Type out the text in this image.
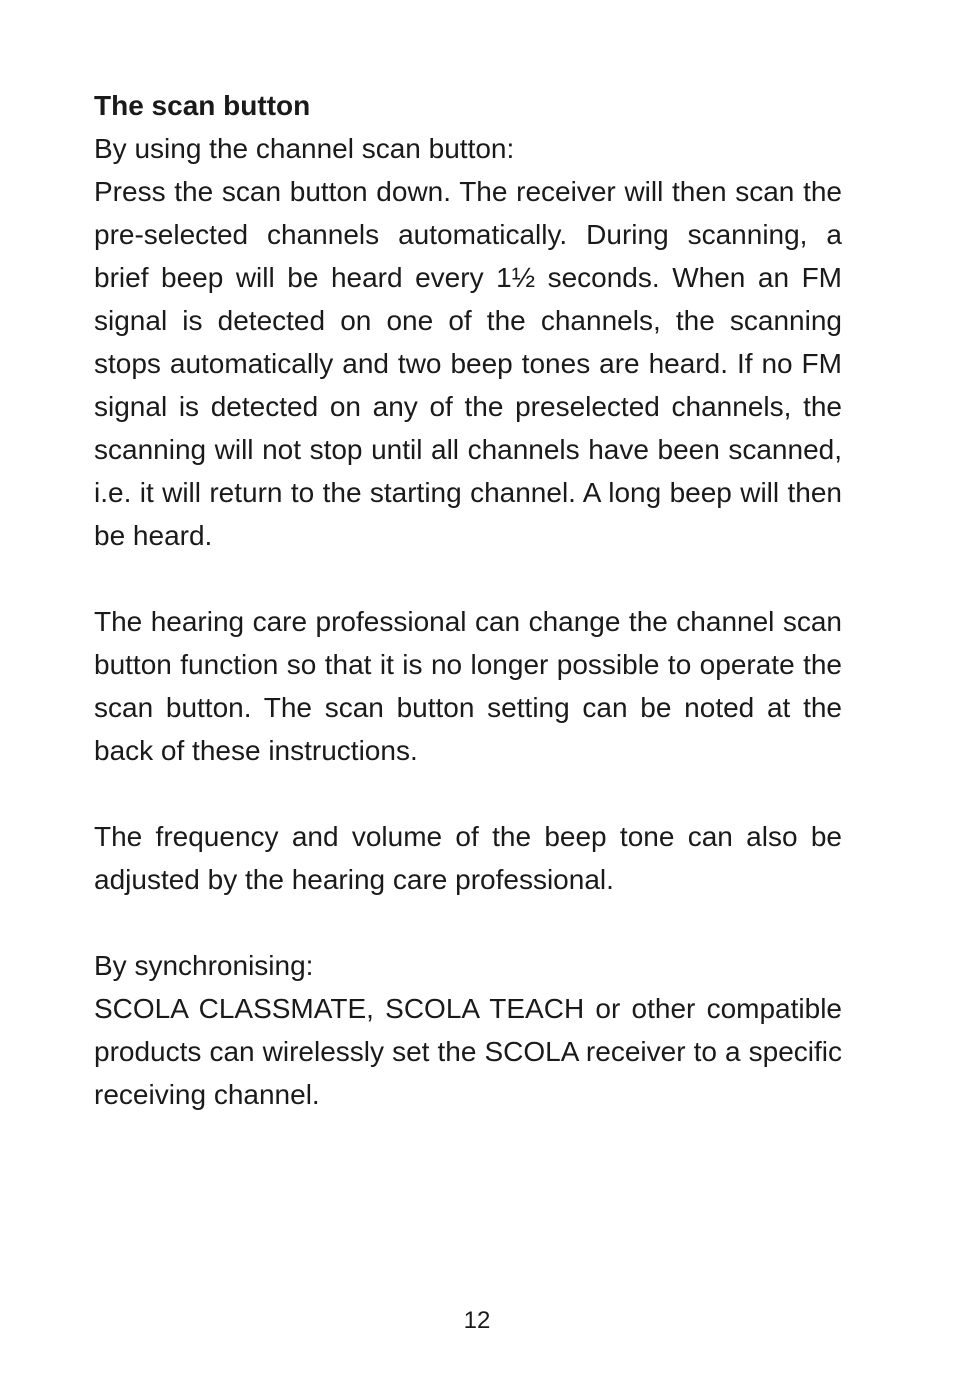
The scan button

By using the channel scan button:

Press the scan button down. The receiver will then scan the pre-selected channels automatically. During scanning, a brief beep will be heard every 1½ seconds. When an FM signal is detected on one of the channels, the scanning stops automatically and two beep tones are heard. If no FM signal is detected on any of the preselected channels, the scanning will not stop until all channels have been scanned, i.e. it will return to the starting channel. A long beep will then be heard.

The hearing care professional can change the channel scan button function so that it is no longer possible to operate the scan button. The scan button setting can be noted at the back of these instructions.

The frequency and volume of the beep tone can also be adjusted by the hearing care professional.

By synchronising:

SCOLA CLASSMATE, SCOLA TEACH or other compatible products can wirelessly set the SCOLA receiver to a specific receiving channel.

12
